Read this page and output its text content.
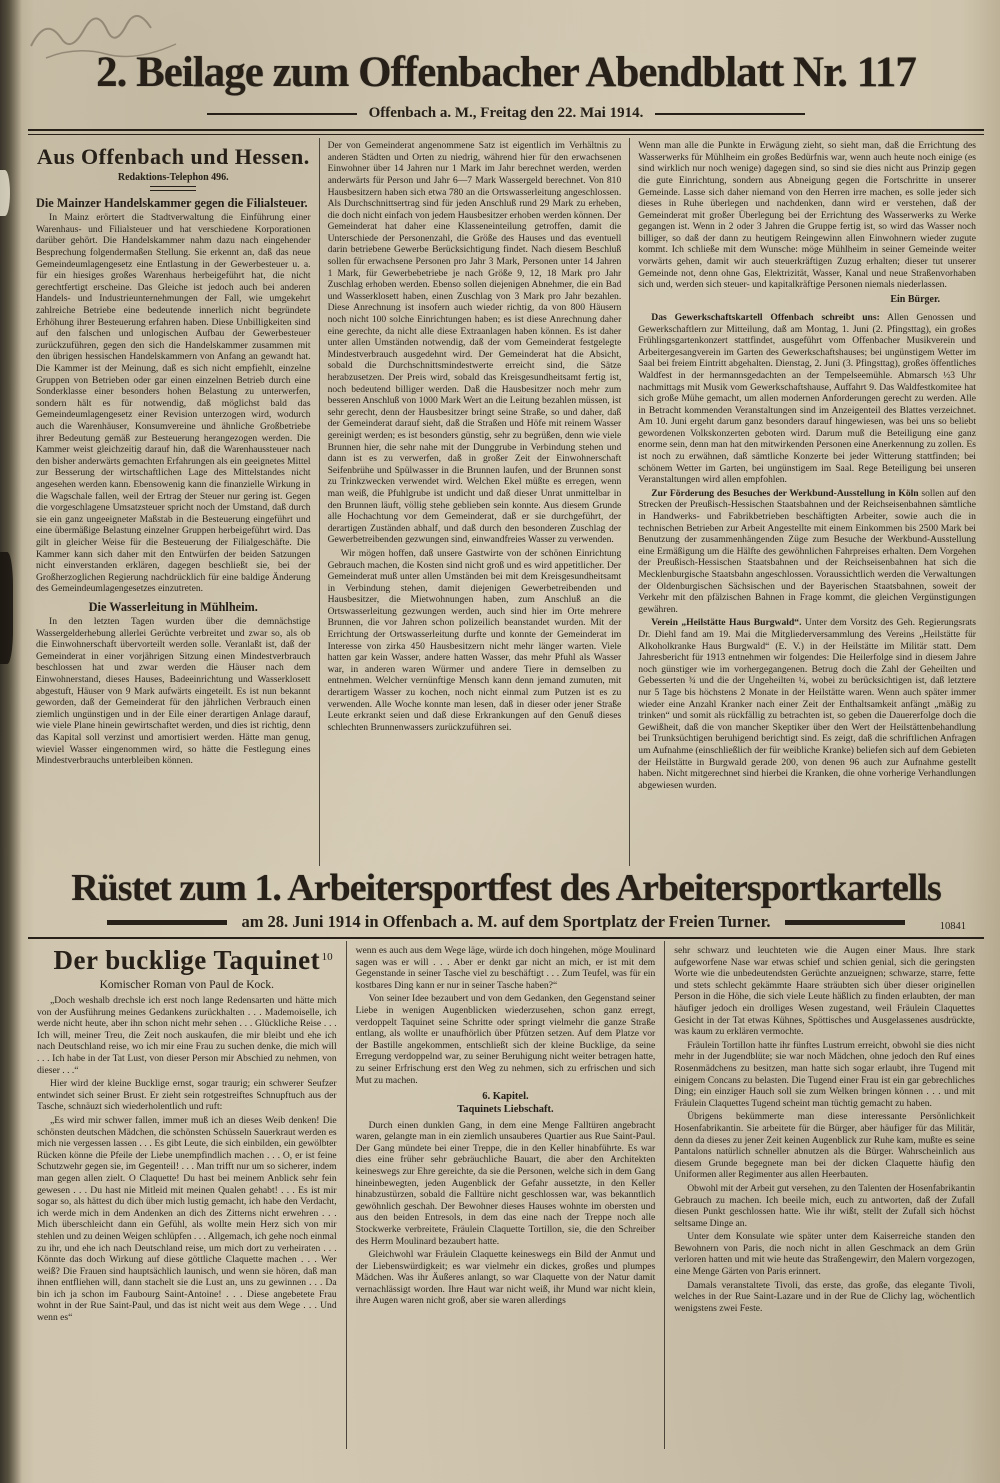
2. Beilage zum Offenbacher Abendblatt Nr. 117
Offenbach a. M., Freitag den 22. Mai 1914.
Aus Offenbach und Hessen.
Redaktions-Telephon 496.
Die Mainzer Handelskammer gegen die Filialsteuer.

In Mainz erörtert die Stadtverwaltung die Einführung einer Warenhaus- und Filialsteuer und hat verschiedene Korporationen darüber gehört. Die Handelskammer nahm dazu nach eingehender Besprechung folgendermaßen Stellung. Sie erkennt an, daß das neue Gemeindeumlagengesetz eine Entlastung in der Gewerbesteuer u. a. für ein hiesiges großes Warenhaus herbeigeführt hat, die nicht gerechtfertigt erscheine. Das Gleiche ist jedoch auch bei anderen Handels- und Industrieunternehmungen der Fall, wie umgekehrt zahlreiche Betriebe eine bedeutende innerlich nicht begründete Erhöhung ihrer Besteuerung erfahren haben. Diese Unbilligkeiten sind auf den falschen und unlogischen Aufbau der Gewerbesteuer zurückzuführen, gegen den sich die Handelskammer zusammen mit den übrigen hessischen Handelskammern von Anfang an gewandt hat. Die Kammer ist der Meinung, daß es sich nicht empfiehlt, einzelne Gruppen von Betrieben oder gar einen einzelnen Betrieb durch eine Sonderklasse einer besonders hohen Belastung zu unterwerfen, sondern hält es für notwendig, daß möglichst bald das Gemeindeumlagengesetz einer Revision unterzogen wird, wodurch auch die Warenhäuser, Konsumvereine und ähnliche Großbetriebe ihrer Bedeutung gemäß zur Besteuerung herangezogen werden. Die Kammer weist gleichzeitig darauf hin, daß die Warenhaussteuer nach den bisher anderwärts gemachten Erfahrungen als ein geeignetes Mittel zur Besserung der wirtschaftlichen Lage des Mittelstandes nicht angesehen werden kann. Ebensowenig kann die finanzielle Wirkung in die Wagschale fallen, weil der Ertrag der Steuer nur gering ist. Gegen die vorgeschlagene Umsatzsteuer spricht noch der Umstand, daß durch sie ein ganz ungeeigneter Maßstab in die Besteuerung eingeführt und eine übermäßige Belastung einzelner Gruppen herbeigeführt wird. Das gilt in gleicher Weise für die Besteuerung der Filialgeschäfte. Die Kammer kann sich daher mit den Entwürfen der beiden Satzungen nicht einverstanden erklären, dagegen beschließt sie, bei der Großherzoglichen Regierung nachdrücklich für eine baldige Änderung des Gemeindeumlagengesetzes einzutreten.

Die Wasserleitung in Mühlheim.

In den letzten Tagen wurden über die demnächstige Wassergelderhebung allerlei Gerüchte verbreitet und zwar so, als ob die Einwohnerschaft übervorteilt werden solle. Veranlaßt ist, daß der Gemeinderat in einer vorjährigen Sitzung einen Mindestverbrauch beschlossen hat und zwar werden die Häuser nach dem Einwohnerstand, dieses Hauses, Badeeinrichtung und Wasserklosett abgestuft, Häuser von 9 Mark aufwärts eingeteilt. Es ist nun bekannt geworden, daß der Gemeinderat für den jährlichen Verbrauch einen ziemlich ungünstigen und in der Eile einer derartigen Anlage darauf, wie viele Plane hinein gewirtschaftet werden, und dies ist richtig, denn das Kapital soll verzinst und amortisiert werden. Hätte man genug, wieviel Wasser eingenommen wird, so hätte die Festlegung eines Mindestverbrauchs unterbleiben können.

Der von Gemeinderat angenommene Satz ist eigentlich im Verhältnis zu anderen Städten und Orten zu niedrig, während hier für den erwachsenen Einwohner über 14 Jahren nur 1 Mark im Jahr berechnet werden, werden anderwärts für Person und Jahr 6—7 Mark Wassergeld berechnet. Von 810 Hausbesitzern haben sich etwa 780 an die Ortswasserleitung angeschlossen. Als Durchschnittsertrag sind für jeden Anschluß rund 29 Mark zu erheben, die doch nicht einfach von jedem Hausbesitzer erhoben werden können. Der Gemeinderat hat daher eine Klasseneinteilung getroffen, damit die Unterschiede der Personenzahl, die Größe des Hauses und das eventuell darin betriebene Gewerbe Berücksichtigung findet. Nach diesem Beschluß sollen für erwachsene Personen pro Jahr 3 Mark, Personen unter 14 Jahren 1 Mark, für Gewerbebetriebe je nach Größe 9, 12, 18 Mark pro Jahr Zuschlag erhoben werden. Ebenso sollen diejenigen Abnehmer, die ein Bad und Wasserklosett haben, einen Zuschlag von 3 Mark pro Jahr bezahlen. Diese Anrechnung ist insofern auch wieder richtig, da von 800 Häusern noch nicht 100 solche Einrichtungen haben; es ist diese Anrechnung daher eine gerechte, da nicht alle diese Extraanlagen haben können. Es ist daher unter allen Umständen notwendig, daß der vom Gemeinderat festgelegte Mindestverbrauch ausgedehnt wird. Der Gemeinderat hat die Absicht, sobald die Durchschnittsmindestwerte erreicht sind, die Sätze herabzusetzen. Der Preis wird, sobald das Kreisgesundheitsamt fertig ist, noch bedeutend billiger werden. Daß die Hausbesitzer noch mehr zum besseren Anschluß von 1000 Mark Wert an die Leitung bezahlen müssen, ist sehr gerecht, denn der Hausbesitzer bringt seine Straße, so und daher, daß der Gemeinderat darauf sieht, daß die Straßen und Höfe mit reinem Wasser gereinigt werden; es ist besonders günstig, sehr zu begrüßen, denn wie viele Brunnen hier, die sehr nahe mit der Dunggrube in Verbindung stehen und dann ist es zu verwerfen, daß in großer Zeit der Einwohnerschaft Seifenbrühe und Spülwasser in die Brunnen laufen, und der Brunnen sonst zu Trinkzwecken verwendet wird. Welchen Ekel müßte es erregen, wenn man weiß, die Pfuhlgrube ist undicht und daß dieser Unrat unmittelbar in den Brunnen läuft, völlig stehe geblieben sein konnte. Aus diesem Grunde alle Hochachtung vor dem Gemeinderat, daß er sie durchgeführt, der derartigen Zuständen abhalf, und daß durch den besonderen Zuschlag der Gewerbetreibenden gezwungen sind, einwandfreies Wasser zu verwenden.

Wir mögen hoffen, daß unsere Gastwirte von der schönen Einrichtung Gebrauch machen, die Kosten sind nicht groß und es wird appetitlicher. Der Gemeinderat muß unter allen Umständen bei mit dem Kreisgesundheitsamt in Verbindung stehen, damit diejenigen Gewerbetreibenden und Hausbesitzer, die Mietwohnungen haben, zum Anschluß an die Ortswasserleitung gezwungen werden, auch sind hier im Orte mehrere Brunnen, die vor Jahren schon polizeilich beanstandet wurden. Mit der Errichtung der Ortswasserleitung durfte und konnte der Gemeinderat im Interesse von zirka 450 Hausbesitzern nicht mehr länger warten. Viele hatten gar kein Wasser, andere hatten Wasser, das mehr Pfuhl als Wasser war, in anderen waren Würmer und andere Tiere in demselben zu entnehmen. Welcher vernünftige Mensch kann denn jemand zumuten, mit derartigem Wasser zu kochen, noch nicht einmal zum Putzen ist es zu verwenden. Alle Woche konnte man lesen, daß in dieser oder jener Straße Leute erkrankt seien und daß diese Erkrankungen auf den Genuß dieses schlechten Brunnenwassers zurückzuführen sei.

Wenn man alle die Punkte in Erwägung zieht, so sieht man, daß die Errichtung des Wasserwerks für Mühlheim ein großes Bedürfnis war, wenn auch heute noch einige (es sind wirklich nur noch wenige) dagegen sind, so sind sie dies nicht aus Prinzip gegen die gute Einrichtung, sondern aus Abneigung gegen die Fortschritte in unserer Gemeinde. Lasse sich daher niemand von den Herren irre machen, es solle jeder sich dieses in Ruhe überlegen und nachdenken, dann wird er verstehen, daß der Gemeinderat mit großer Überlegung bei der Errichtung des Wasserwerks zu Werke gegangen ist. Wenn in 2 oder 3 Jahren die Gruppe fertig ist, so wird das Wasser noch billiger, so daß der dann zu heutigem Reingewinn allen Einwohnern wieder zugute kommt. Ich schließe mit dem Wunsche: möge Mühlheim in seiner Gemeinde weiter vorwärts gehen, damit wir auch steuerkräftigen Zuzug erhalten; dieser tut unserer Gemeinde not, denn ohne Gas, Elektrizität, Wasser, Kanal und neue Straßenvorhaben sich und, werden sich steuer- und kapitalkräftige Personen niemals niederlassen.

Ein Bürger.

Das Gewerkschaftskartell Offenbach schreibt uns: Allen Genossen und Gewerkschaftlern zur Mitteilung, daß am Montag, 1. Juni (2. Pfingsttag), ein großes Frühlingsgartenkonzert stattfindet, ausgeführt vom Offenbacher Musikverein und Arbeitergesangverein im Garten des Gewerkschaftshauses; bei ungünstigem Wetter im Saal bei freiem Eintritt abgehalten. Dienstag, 2. Juni (3. Pfingsttag), großes öffentliches Waldfest in der hermannsgedachten an der Tempelseemühle. Abmarsch ½3 Uhr nachmittags mit Musik vom Gewerkschaftshause, Auffahrt 9. Das Waldfestkomitee hat sich große Mühe gemacht, um allen modernen Anforderungen gerecht zu werden. Alle in Betracht kommenden Veranstaltungen sind im Anzeigenteil des Blattes verzeichnet. Am 10. Juni ergeht darum ganz besonders darauf hingewiesen, was bei uns so beliebt gewordenen Volkskonzerten geboten wird. Darum muß die Beteiligung eine ganz enorme sein, denn man hat den mitwirkenden Personen eine Anerkennung zu zollen. Es ist noch zu erwähnen, daß sämtliche Konzerte bei jeder Witterung stattfinden; bei schönem Wetter im Garten, bei ungünstigem im Saal. Rege Beteiligung bei unseren Veranstaltungen wird allen empfohlen.

Zur Förderung des Besuches der Werkbund-Ausstellung in Köln sollen auf den Strecken der Preußisch-Hessischen Staatsbahnen und der Reichseisenbahnen sämtliche in Handwerks- und Fabrikbetrieben beschäftigten Arbeiter, sowie auch die in technischen Betrieben zur Arbeit Angestellte mit einem Einkommen bis 2500 Mark bei Benutzung der zusammenhängenden Züge zum Besuche der Werkbund-Ausstellung eine Ermäßigung um die Hälfte des gewöhnlichen Fahrpreises erhalten. Dem Vorgehen der Preußisch-Hessischen Staatsbahnen und der Reichseisenbahnen hat sich die Mecklenburgische Staatsbahn angeschlossen. Voraussichtlich werden die Verwaltungen der Oldenburgischen Sächsischen und der Bayerischen Staatsbahnen, soweit der Verkehr mit den pfälzischen Bahnen in Frage kommt, die gleichen Vergünstigungen gewähren.

Verein „Heilstätte Haus Burgwald“. Unter dem Vorsitz des Geh. Regierungsrats Dr. Diehl fand am 19. Mai die Mitgliederversammlung des Vereins „Heilstätte für Alkoholkranke Haus Burgwald“ (E. V.) in der Heilstätte im Militär statt. Dem Jahresbericht für 1913 entnehmen wir folgendes: Die Heilerfolge sind in diesem Jahre noch günstiger wie im vorhergegangenen. Betrug doch die Zahl der Geheilten und Gebesserten ¾ und die der Ungeheilten ¼, wobei zu berücksichtigen ist, daß letztere nur 5 Tage bis höchstens 2 Monate in der Heilstätte waren. Wenn auch später immer wieder eine Anzahl Kranker nach einer Zeit der Enthaltsamkeit anfängt „mäßig zu trinken“ und somit als rückfällig zu betrachten ist, so geben die Dauererfolge doch die Gewißheit, daß die von mancher Skeptiker über den Wert der Heilstättenbehandlung bei Trunksüchtigen beruhigend berichtigt sind. Es zeigt, daß die schriftlichen Anfragen um Aufnahme (einschließlich der für weibliche Kranke) beliefen sich auf dem Gebieten der Heilstätte in Burgwald gerade 200, von denen 96 auch zur Aufnahme gestellt haben. Nicht mitgerechnet sind hierbei die Kranken, die ohne vorherige Verhandlungen abgewiesen wurden.

Rüstet zum 1. Arbeitersportfest des Arbeitersportkartells
am 28. Juni 1914 in Offenbach a. M. auf dem Sportplatz der Freien Turner.	10841
Der bucklige Taquinet 10
Komischer Roman von Paul de Kock.

„Doch weshalb drechsle ich erst noch lange Redensarten und hätte mich von der Ausführung meines Gedankens zurückhalten . . . Mademoiselle, ich werde nicht heute, aber ihn schon nicht mehr sehen . . . Glückliche Reise . . . Ich will, meiner Treu, die Zeit noch auskaufen, die mir bleibt und ehe ich nach Deutschland reise, wo ich mir eine Frau zu suchen denke, die mich will . . . Ich habe in der Tat Lust, von dieser Person mir Abschied zu nehmen, von dieser . . .“

Hier wird der kleine Bucklige ernst, sogar traurig; ein schwerer Seufzer entwindet sich seiner Brust. Er zieht sein rotgestreiftes Schnupftuch aus der Tasche, schnäuzt sich wiederholentlich und ruft:

„Es wird mir schwer fallen, immer muß ich an dieses Weib denken! Die schönsten deutschen Mädchen, die schönsten Schüsseln Sauerkraut werden es mich nie vergessen lassen . . . Es gibt Leute, die sich einbilden, ein gewölbter Rücken könne die Pfeile der Liebe unempfindlich machen . . . O, er ist feine Schutzwehr gegen sie, im Gegenteil! . . . Man trifft nur um so sicherer, indem man gegen allen zielt. O Claquette! Du hast bei meinem Anblick sehr fein gewesen . . . Du hast nie Mitleid mit meinen Qualen gehabt! . . . Es ist mir sogar so, als hättest du dich über mich lustig gemacht, ich habe den Verdacht, ich werde mich in dem Andenken an dich des Zitterns nicht erwehren . . . Mich überschleicht dann ein Gefühl, als wollte mein Herz sich von mir stehlen und zu deinen Weigen schlüpfen . . . Allgemach, ich gehe noch einmal zu ihr, und ehe ich nach Deutschland reise, um mich dort zu verheiraten . . . Könnte das doch Wirkung auf diese göttliche Claquette machen . . . Wer weiß? Die Frauen sind hauptsächlich launisch, und wenn sie hören, daß man ihnen entfliehen will, dann stachelt sie die Lust an, uns zu gewinnen . . . Da bin ich ja schon im Faubourg Saint-Antoine! . . . Diese angebetete Frau wohnt in der Rue Saint-Paul, und das ist nicht weit aus dem Wege . . . Und wenn es“

wenn es auch aus dem Wege läge, würde ich doch hingehen, möge Moulinard sagen was er will . . . Aber er denkt gar nicht an mich, er ist mit dem Gegenstande in seiner Tasche viel zu beschäftigt . . . Zum Teufel, was für ein kostbares Ding kann er nur in seiner Tasche haben?“

Von seiner Idee bezaubert und von dem Gedanken, den Gegenstand seiner Liebe in wenigen Augenblicken wiederzusehen, schon ganz erregt, verdoppelt Taquinet seine Schritte oder springt vielmehr die ganze Straße entlang, als wollte er unaufhörlich über Pfützen setzen. Auf dem Platze vor der Bastille angekommen, entschließt sich der kleine Bucklige, da seine Erregung verdoppelnd war, zu seiner Beruhigung nicht weiter betragen hatte, zu seiner Erfrischung erst den Weg zu nehmen, sich zu erfrischen und sich Mut zu machen.

6. Kapitel.
Taquinets Liebschaft.

Durch einen dunklen Gang, in dem eine Menge Falltüren angebracht waren, gelangte man in ein ziemlich unsauberes Quartier aus Rue Saint-Paul. Der Gang mündete bei einer Treppe, die in den Keller hinabführte. Es war dies eine früher sehr gebräuchliche Bauart, die aber den Architekten keineswegs zur Ehre gereichte, da sie die Personen, welche sich in dem Gang hineinbewegten, jeden Augenblick der Gefahr aussetzte, in den Keller hinabzustürzen, sobald die Falltüre nicht geschlossen war, was bekanntlich gewöhnlich geschah. Der Bewohner dieses Hauses wohnte im obersten und aus den beiden Entresols, in dem das eine nach der Treppe noch alle Stockwerke verbreitete, Fräulein Claquette Tortillon, sie, die den Schreiber des Herrn Moulinard bezaubert hatte.

Gleichwohl war Fräulein Claquette keineswegs ein Bild der Anmut und der Liebenswürdigkeit; es war vielmehr ein dickes, großes und plumpes Mädchen. Was ihr Äußeres anlangt, so war Claquette von der Natur damit vernachlässigt worden. Ihre Haut war nicht weiß, ihr Mund war nicht klein, ihre Augen waren nicht groß, aber sie waren allerdings

sehr schwarz und leuchteten wie die Augen einer Maus. Ihre stark aufgeworfene Nase war etwas schief und schien genial, sich die geringsten Worte wie die unbedeutendsten Gerüchte anzueignen; schwarze, starre, fette und stets schlecht gekämmte Haare sträubten sich über dieser originellen Person in die Höhe, die sich viele Leute häßlich zu finden erlaubten, der man häufiger jedoch ein drolliges Wesen zugestand, weil Fräulein Claquettes Gesicht in der Tat etwas Kühnes, Spöttisches und Ausgelassenes ausdrückte, was kaum zu erklären vermochte.

Fräulein Tortillon hatte ihr fünftes Lustrum erreicht, obwohl sie dies nicht mehr in der Jugendblüte; sie war noch Mädchen, ohne jedoch den Ruf eines Rosenmädchens zu besitzen, man hatte sich sogar erlaubt, ihre Tugend mit einigem Concans zu belasten. Die Tugend einer Frau ist ein gar gebrechliches Ding; ein einziger Hauch soll sie zum Welken bringen können . . . und mit Fräulein Claquettes Tugend scheint man tüchtig gemacht zu haben.

Übrigens bekümmerte man diese interessante Persönlichkeit Hosenfabrikantin. Sie arbeitete für die Bürger, aber häufiger für das Militär, denn da dieses zu jener Zeit keinen Augenblick zur Ruhe kam, mußte es seine Pantalons natürlich schneller abnutzen als die Bürger. Wahrscheinlich aus diesem Grunde begegnete man bei der dicken Claquette häufig den Uniformen aller Regimenter aus allen Heerbauten.

Obwohl mit der Arbeit gut versehen, zu den Talenten der Hosenfabrikantin Gebrauch zu machen. Ich beeile mich, euch zu antworten, daß der Zufall diesen Punkt geschlossen hatte. Wie ihr wißt, stellt der Zufall sich höchst seltsame Dinge an.

Unter dem Konsulate wie später unter dem Kaiserreiche standen den Bewohnern von Paris, die noch nicht in allen Geschmack an dem Grün verloren hatten und mit wie heute das Straßengewirr, den Malern vorgezogen, eine Menge Gärten von Paris erinnert.

Damals veranstaltete Tivoli, das erste, das große, das elegante Tivoli, welches in der Rue Saint-Lazare und in der Rue de Clichy lag, wöchentlich wenigstens zwei Feste.
